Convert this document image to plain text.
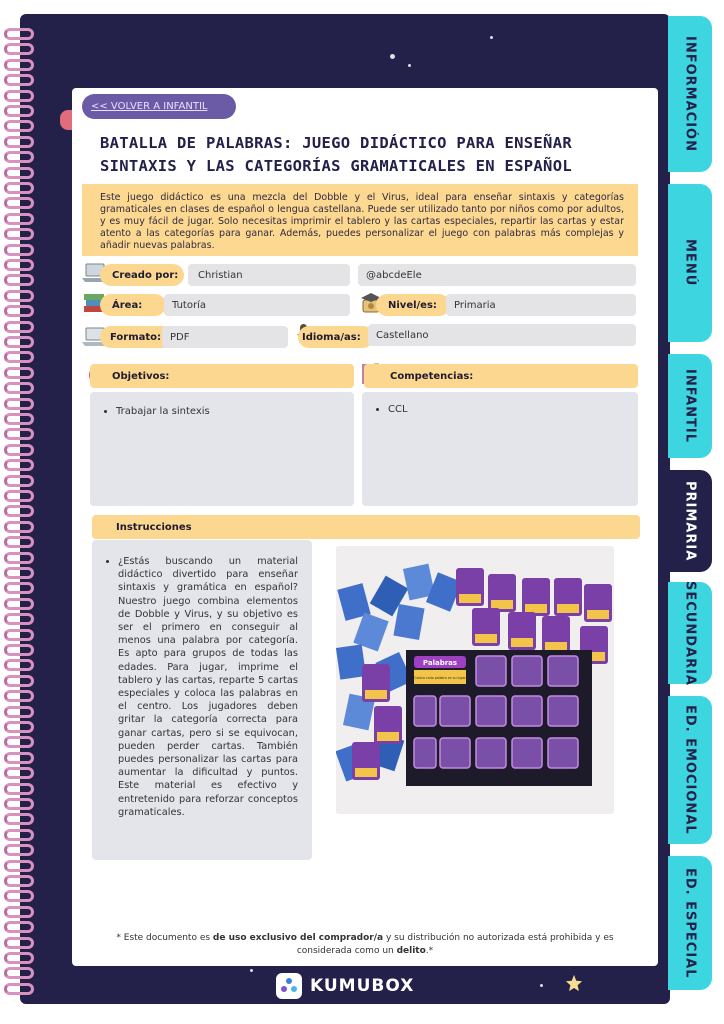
INFORMACIÓN
MENÚ
INFANTIL
PRIMARIA
SECUNDARIA
ED. EMOCIONAL
ED. ESPECIAL
<< VOLVER A INFANTIL
BATALLA DE PALABRAS: JUEGO DIDÁCTICO PARA ENSEÑAR SINTAXIS Y LAS CATEGORÍAS GRAMATICALES EN ESPAÑOL
Este juego didáctico es una mezcla del Dobble y el Virus, ideal para enseñar sintaxis y categorías gramaticales en clases de español o lengua castellana. Puede ser utilizado tanto por niños como por adultos, y es muy fácil de jugar. Solo necesitas imprimir el tablero y las cartas especiales, repartir las cartas y estar atento a las categorías para ganar. Además, puedes personalizar el juego con palabras más complejas y añadir nuevas palabras.
Creado por:	Christian	@abcdeEle
Área:	Tutoría	Nivel/es:	Primaria
Formato: PDF	Idioma/as:	Castellano
Objetivos:
• Trabajar la sintexis
Competencias:
• CCL
Instrucciones
• ¿Estás buscando un material didáctico divertido para enseñar sintaxis y gramática en español? Nuestro juego combina elementos de Dobble y Virus, y su objetivo es ser el primero en conseguir al menos una palabra por categoría. Es apto para grupos de todas las edades. Para jugar, imprime el tablero y las cartas, reparte 5 cartas especiales y coloca las palabras en el centro. Los jugadores deben gritar la categoría correcta para ganar cartas, pero si se equivocan, pueden perder cartas. También puedes personalizar las cartas para aumentar la dificultad y puntos. Este material es efectivo y entretenido para reforzar conceptos gramaticales.
Palabras
Coloca cada palabra en su lugar
* Este documento es de uso exclusivo del comprador/a y su distribución no autorizada está prohibida y es considerada como un delito.*
KUMUBOX
